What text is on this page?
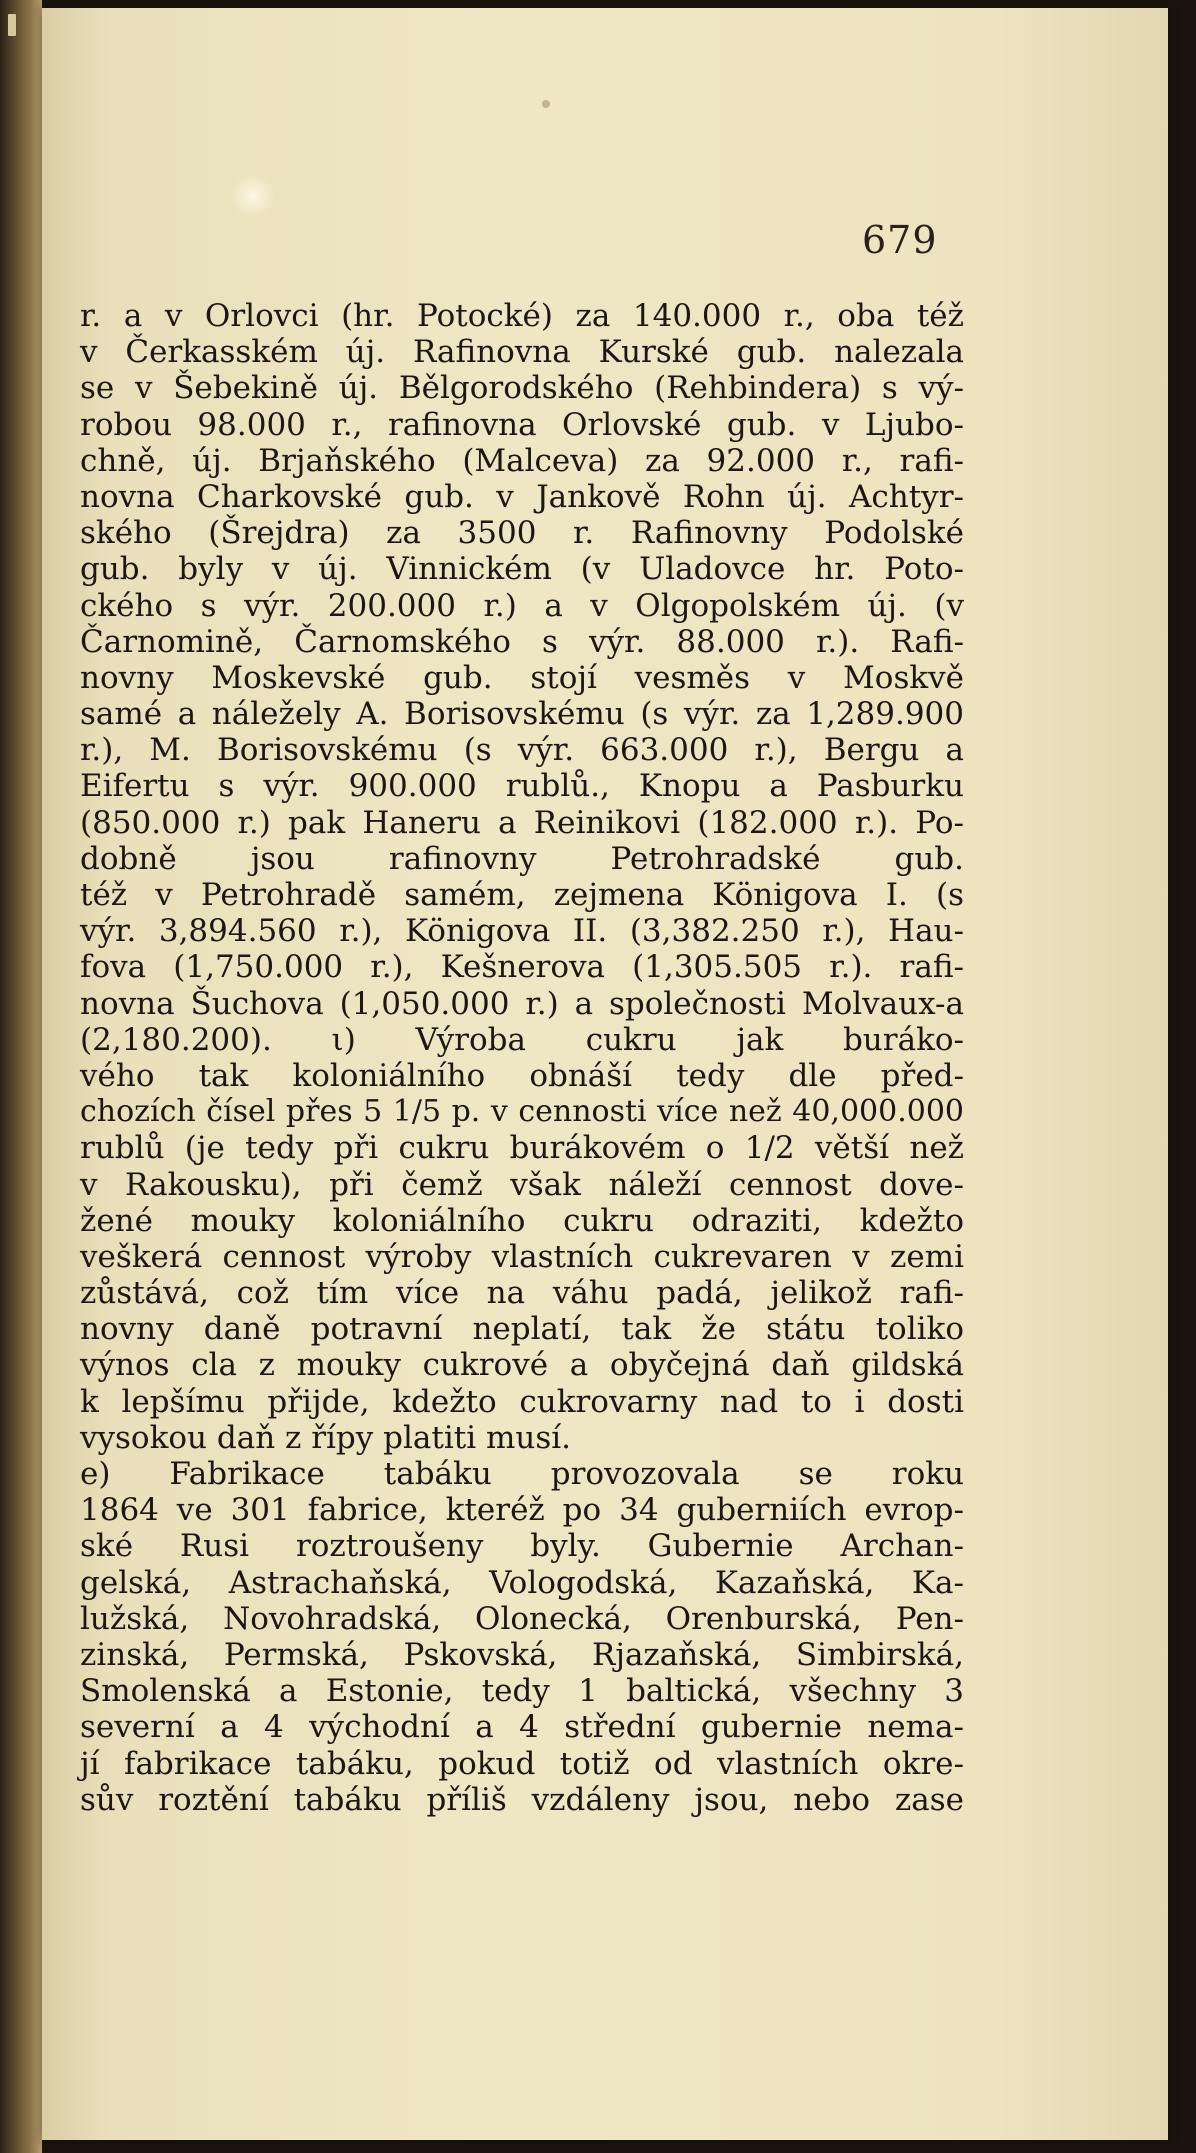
679

r. a v Orlovci (hr. Potocké) za 140.000 r., oba též

v Čerkasském új. Rafinovna Kurské gub. nalezala

se v Šebekině új. Bělgorodského (Rehbindera) s vý-

robou 98.000 r., rafinovna Orlovské gub. v Ljubo-

chně, új. Brjaňského (Malceva) za 92.000 r., rafi-

novna Charkovské gub. v Jankově Rohn új. Achtyr-

ského (Šrejdra) za 3500 r. Rafinovny Podolské

gub. byly v új. Vinnickém (v Uladovce hr. Poto-

ckého s výr. 200.000 r.) a v Olgopolském új. (v

Čarnomině, Čarnomského s výr. 88.000 r.). Rafi-

novny Moskevské gub. stojí vesměs v Moskvě

samé a náležely A. Borisovskému (s výr. za 1,289.900

r.), M. Borisovskému (s výr. 663.000 r.), Bergu a

Eifertu s výr. 900.000 rublů., Knopu a Pasburku

(850.000 r.) pak Haneru a Reinikovi (182.000 r.). Po-

dobně jsou rafinovny Petrohradské gub.

též v Petrohradě samém, zejmena Königova I. (s

výr. 3,894.560 r.), Königova II. (3,382.250 r.), Hau-

fova (1,750.000 r.), Kešnerova (1,305.505 r.). rafi-

novna Šuchova (1,050.000 r.) a společnosti Molvaux-a

(2,180.200). ι) Výroba cukru jak buráko-

vého tak koloniálního obnáší tedy dle před-

chozích čísel přes 5 1/5 p. v cennosti více než 40,000.000

rublů (je tedy při cukru burákovém o 1/2 větší než

v Rakousku), při čemž však náleží cennost dove-

žené mouky koloniálního cukru odraziti, kdežto

veškerá cennost výroby vlastních cukrevaren v zemi

zůstává, což tím více na váhu padá, jelikož rafi-

novny daně potravní neplatí, tak že státu toliko

výnos cla z mouky cukrové a obyčejná daň gildská

k lepšímu přijde, kdežto cukrovarny nad to i dosti

vysokou daň z řípy platiti musí.

e) Fabrikace tabáku provozovala se roku

1864 ve 301 fabrice, kteréž po 34 guberniích evrop-

ské Rusi roztroušeny byly. Gubernie Archan-

gelská, Astrachaňská, Vologodská, Kazaňská, Ka-

lužská, Novohradská, Olonecká, Orenburská, Pen-

zinská, Permská, Pskovská, Rjazaňská, Simbirská,

Smolenská a Estonie, tedy 1 baltická, všechny 3

severní a 4 východní a 4 střední gubernie nema-

jí fabrikace tabáku, pokud totiž od vlastních okre-

sův roztění tabáku příliš vzdáleny jsou, nebo zase
